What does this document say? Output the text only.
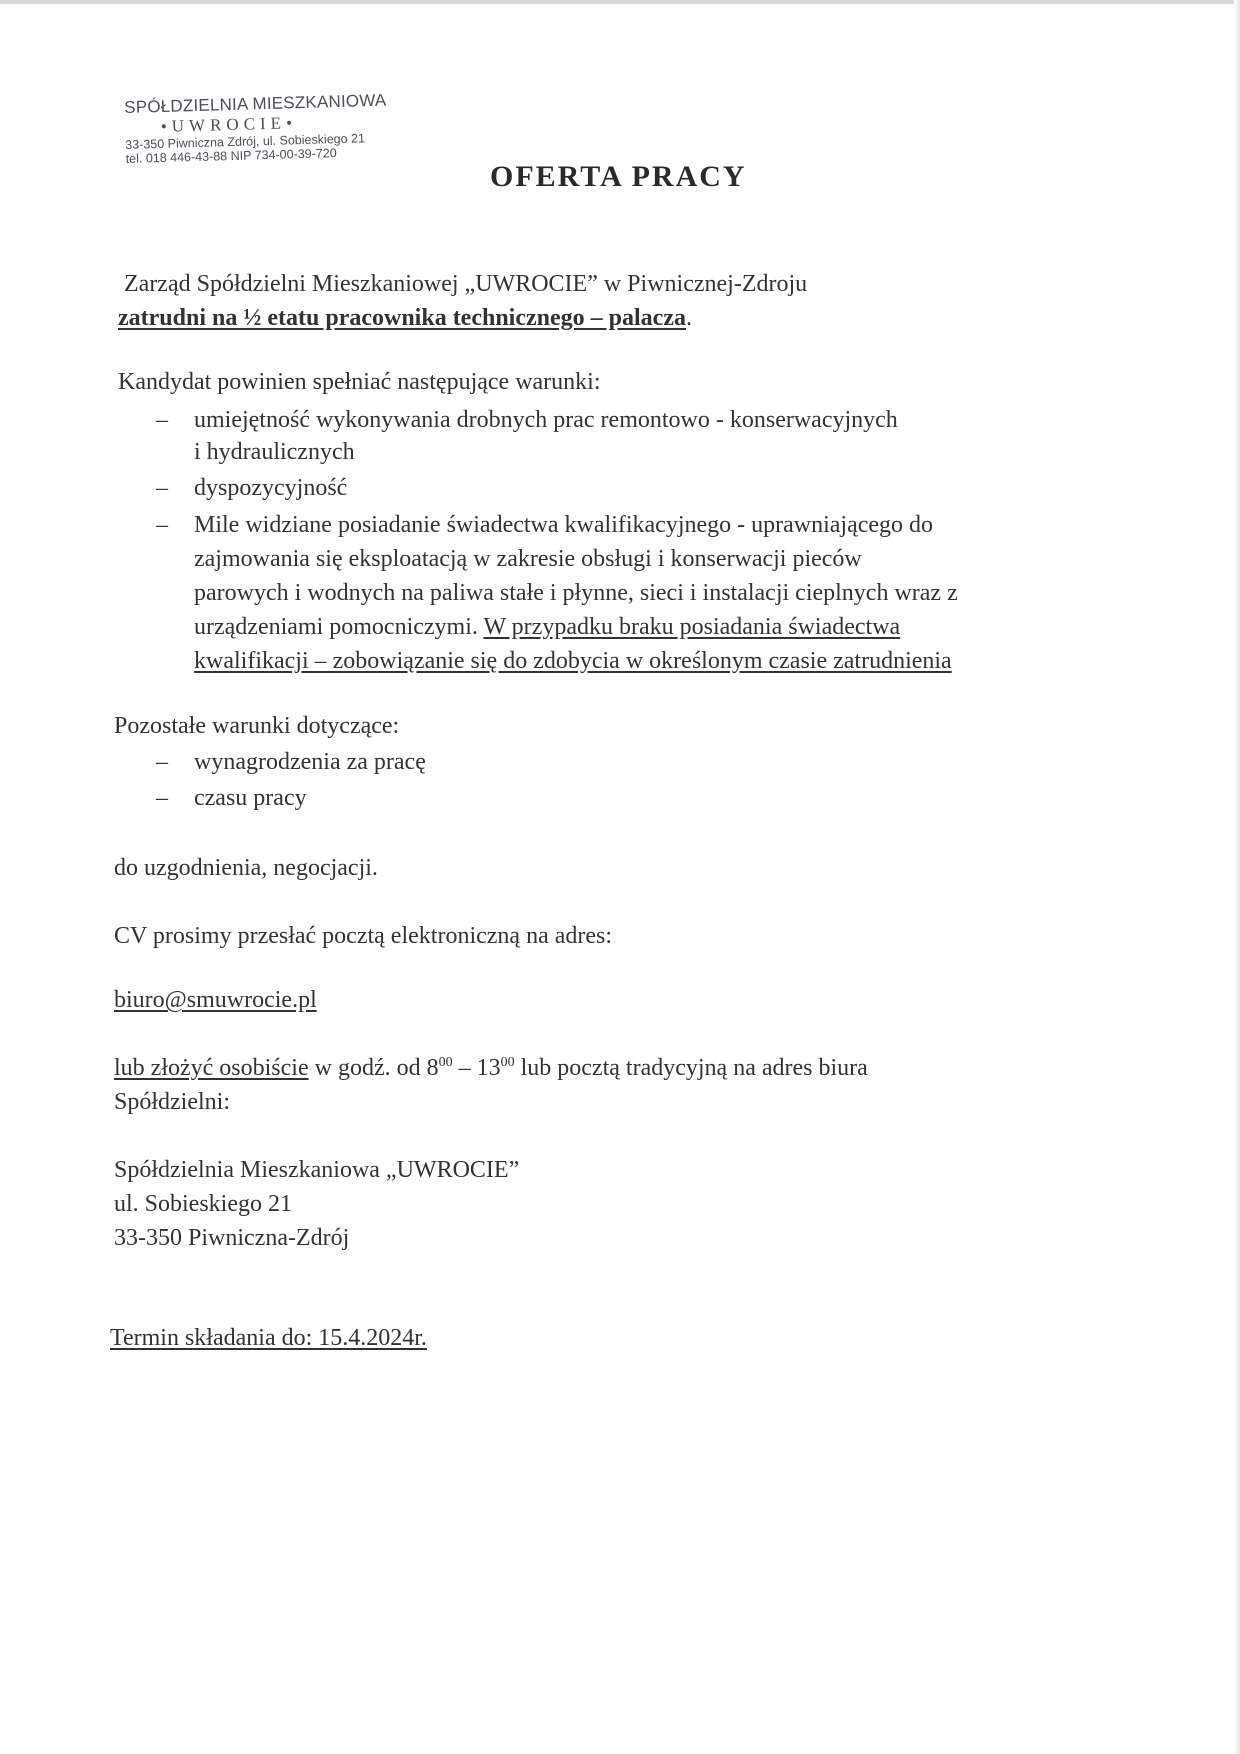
SPÓŁDZIELNIA MIESZKANIOWA
•UWROCIE•
33-350 Piwniczna Zdrój, ul. Sobieskiego 21
tel. 018 446-43-88 NIP 734-00-39-720
OFERTA PRACY
Zarząd Spółdzielni Mieszkaniowej „UWROCIE” w Piwnicznej-Zdroju
zatrudni na ½ etatu pracownika technicznego – palacza.
Kandydat powinien spełniać następujące warunki:
– umiejętność wykonywania drobnych prac remontowo - konserwacyjnych
i hydraulicznych
– dyspozycyjność
– Mile widziane posiadanie świadectwa kwalifikacyjnego - uprawniającego do
zajmowania się eksploatacją w zakresie obsługi i konserwacji pieców
parowych i wodnych na paliwa stałe i płynne, sieci i instalacji cieplnych wraz z
urządzeniami pomocniczymi. W przypadku braku posiadania świadectwa
kwalifikacji – zobowiązanie się do zdobycia w określonym czasie zatrudnienia
Pozostałe warunki dotyczące:
– wynagrodzenia za pracę
– czasu pracy
do uzgodnienia, negocjacji.
CV prosimy przesłać pocztą elektroniczną na adres:
biuro@smuwrocie.pl
lub złożyć osobiście w godź. od $8^{00} - 13^{00}$ lub pocztą tradycyjną na adres biura
Spółdzielni:
Spółdzielnia Mieszkaniowa „UWROCIE”
ul. Sobieskiego 21
33-350 Piwniczna-Zdrój
Termin składania do: 15.4.2024r.
